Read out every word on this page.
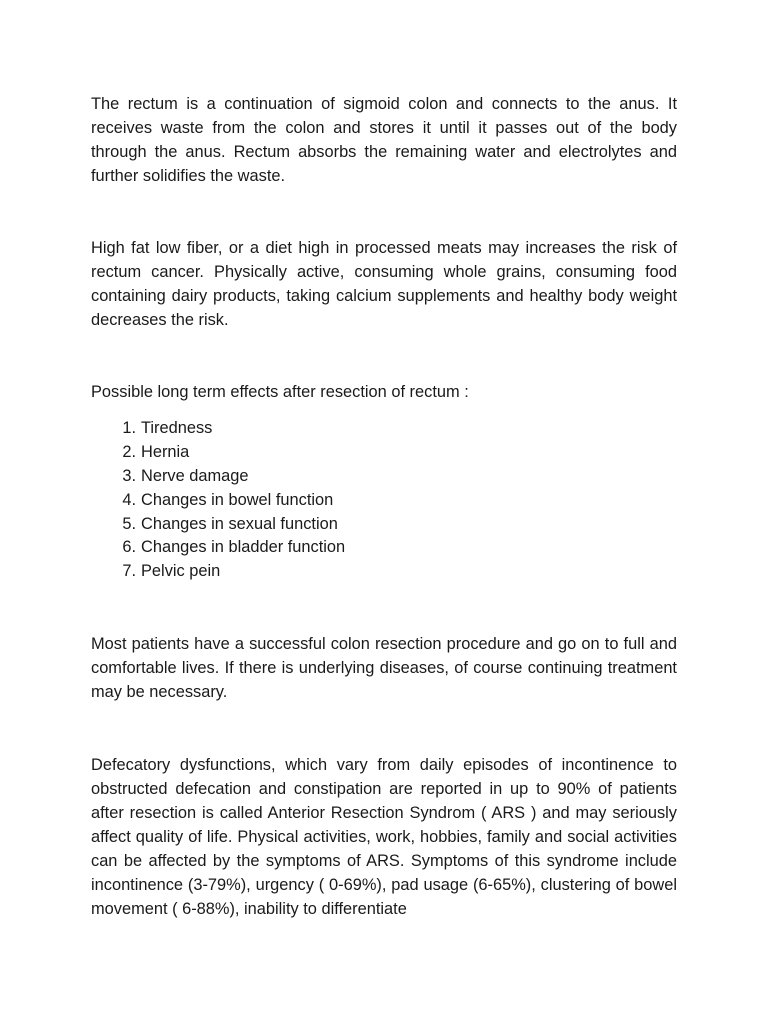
The rectum is a continuation of sigmoid colon and connects to the anus. It receives waste from the colon and stores it until it passes out of the body through the anus. Rectum absorbs the remaining water and electrolytes and further solidifies the waste.

High fat low fiber, or a diet high in processed meats may increases the risk of rectum cancer. Physically active, consuming whole grains, consuming food containing dairy products, taking calcium supplements and healthy body weight decreases the risk.

Possible long term effects after resection of rectum :

1 . Tiredness
2 . Hernia
3 . Nerve damage
4 . Changes in bowel function
5 . Changes in sexual function
6 . Changes in bladder function
7 . Pelvic pein

Most patients have a successful colon resection procedure and go on to full and comfortable lives. If there is underlying diseases, of course continuing treatment may be necessary.

Defecatory dysfunctions, which vary from daily episodes of incontinence to obstructed defecation and constipation are reported in up to 90% of patients after resection is called Anterior Resection Syndrom ( ARS ) and may seriously affect quality of life. Physical activities, work, hobbies, family and social activities can be affected by the symptoms of ARS. Symptoms of this syndrome include incontinence (3-79%), urgency ( 0-69%), pad usage (6-65%), clustering of bowel movement ( 6-88%), inability to differentiate
